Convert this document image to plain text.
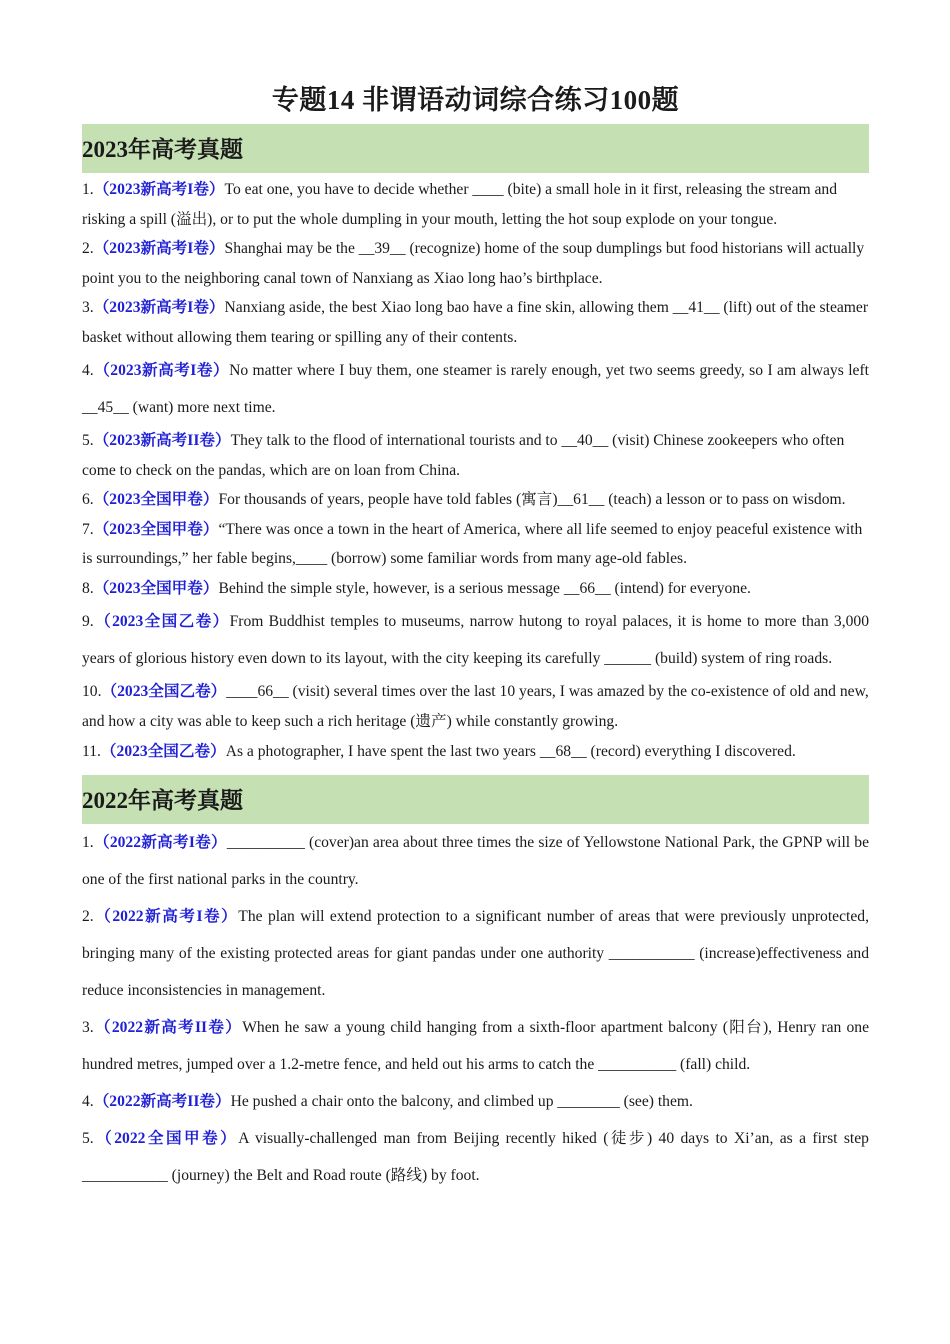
专题14 非谓语动词综合练习100题
2023年高考真题

1.（2023新高考I卷）To eat one, you have to decide whether ____ (bite) a small hole in it first, releasing the stream and risking a spill (溢出), or to put the whole dumpling in your mouth, letting the hot soup explode on your tongue.

2.（2023新高考I卷）Shanghai may be the __39__ (recognize) home of the soup dumplings but food historians will actually point you to the neighboring canal town of Nanxiang as Xiao long hao’s birthplace.

3.（2023新高考I卷）Nanxiang aside, the best Xiao long bao have a fine skin, allowing them __41__ (lift) out of the steamer basket without allowing them tearing or spilling any of their contents.

4.（2023新高考I卷）No matter where I buy them, one steamer is rarely enough, yet two seems greedy, so I am always left __45__ (want) more next time.

5.（2023新高考II卷）They talk to the flood of international tourists and to __40__ (visit) Chinese zookeepers who often come to check on the pandas, which are on loan from China.

6.（2023全国甲卷）For thousands of years, people have told fables (寓言)__61__ (teach) a lesson or to pass on wisdom.

7.（2023全国甲卷）“There was once a town in the heart of America, where all life seemed to enjoy peaceful existence with is surroundings,” her fable begins,____ (borrow) some familiar words from many age-old fables.

8.（2023全国甲卷）Behind the simple style, however, is a serious message __66__ (intend) for everyone.

9.（2023全国乙卷）From Buddhist temples to museums, narrow hutong to royal palaces, it is home to more than 3,000 years of glorious history even down to its layout, with the city keeping its carefully ______ (build) system of ring roads.

10.（2023全国乙卷）____66__ (visit) several times over the last 10 years, I was amazed by the co-existence of old and new, and how a city was able to keep such a rich heritage (遗产) while constantly growing.

11.（2023全国乙卷）As a photographer, I have spent the last two years __68__ (record) everything I discovered.

2022年高考真题

1.（2022新高考I卷）__________ (cover)an area about three times the size of Yellowstone National Park, the GPNP will be one of the first national parks in the country.

2.（2022新高考I卷）The plan will extend protection to a significant number of areas that were previously unprotected, bringing many of the existing protected areas for giant pandas under one authority ___________ (increase)effectiveness and reduce inconsistencies in management.

3.（2022新高考II卷）When he saw a young child hanging from a sixth-floor apartment balcony (阳台), Henry ran one hundred metres, jumped over a 1.2-metre fence, and held out his arms to catch the __________ (fall) child.

4.（2022新高考II卷）He pushed a chair onto the balcony, and climbed up ________ (see) them.

5.（2022全国甲卷）A visually-challenged man from Beijing recently hiked (徒步) 40 days to Xi’an, as a first step ___________ (journey) the Belt and Road route (路线) by foot.
